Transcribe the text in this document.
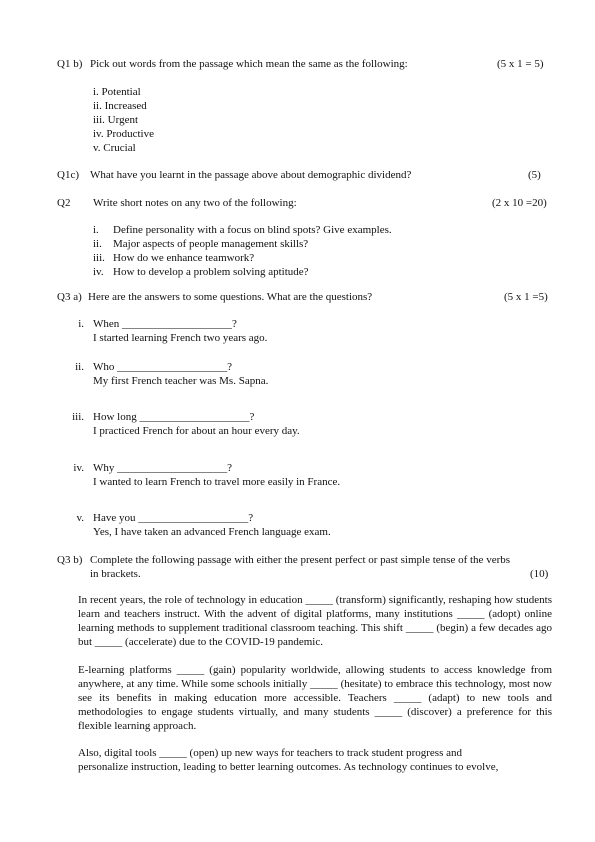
Q1 b) Pick out words from the passage which mean the same as the following:	(5 x 1 = 5)
i. Potential
ii. Increased
iii. Urgent
iv. Productive
v. Crucial
Q1c) What have you learnt in the passage above about demographic dividend?	(5)
Q2 Write short notes on any two of the following:	(2 x 10 =20)
i. Define personality with a focus on blind spots? Give examples.
ii. Major aspects of people management skills?
iii. How do we enhance teamwork?
iv. How to develop a problem solving aptitude?
Q3 a) Here are the answers to some questions. What are the questions?	(5 x 1 =5)
i. When ____________________?
I started learning French two years ago.
ii. Who ____________________?
My first French teacher was Ms. Sapna.
iii. How long ____________________?
I practiced French for about an hour every day.
iv. Why ____________________?
I wanted to learn French to travel more easily in France.
v. Have you ____________________?
Yes, I have taken an advanced French language exam.
Q3 b) Complete the following passage with either the present perfect or past simple tense of the verbs
in brackets.	(10)
In recent years, the role of technology in education _____ (transform) significantly, reshaping how students learn and teachers instruct. With the advent of digital platforms, many institutions _____ (adopt) online learning methods to supplement traditional classroom teaching. This shift _____ (begin) a few decades ago but _____ (accelerate) due to the COVID-19 pandemic.
E-learning platforms _____ (gain) popularity worldwide, allowing students to access knowledge from anywhere, at any time. While some schools initially _____ (hesitate) to embrace this technology, most now see its benefits in making education more accessible. Teachers _____ (adapt) to new tools and methodologies to engage students virtually, and many students _____ (discover) a preference for this flexible learning approach.
Also, digital tools _____ (open) up new ways for teachers to track student progress and
personalize instruction, leading to better learning outcomes. As technology continues to evolve,
